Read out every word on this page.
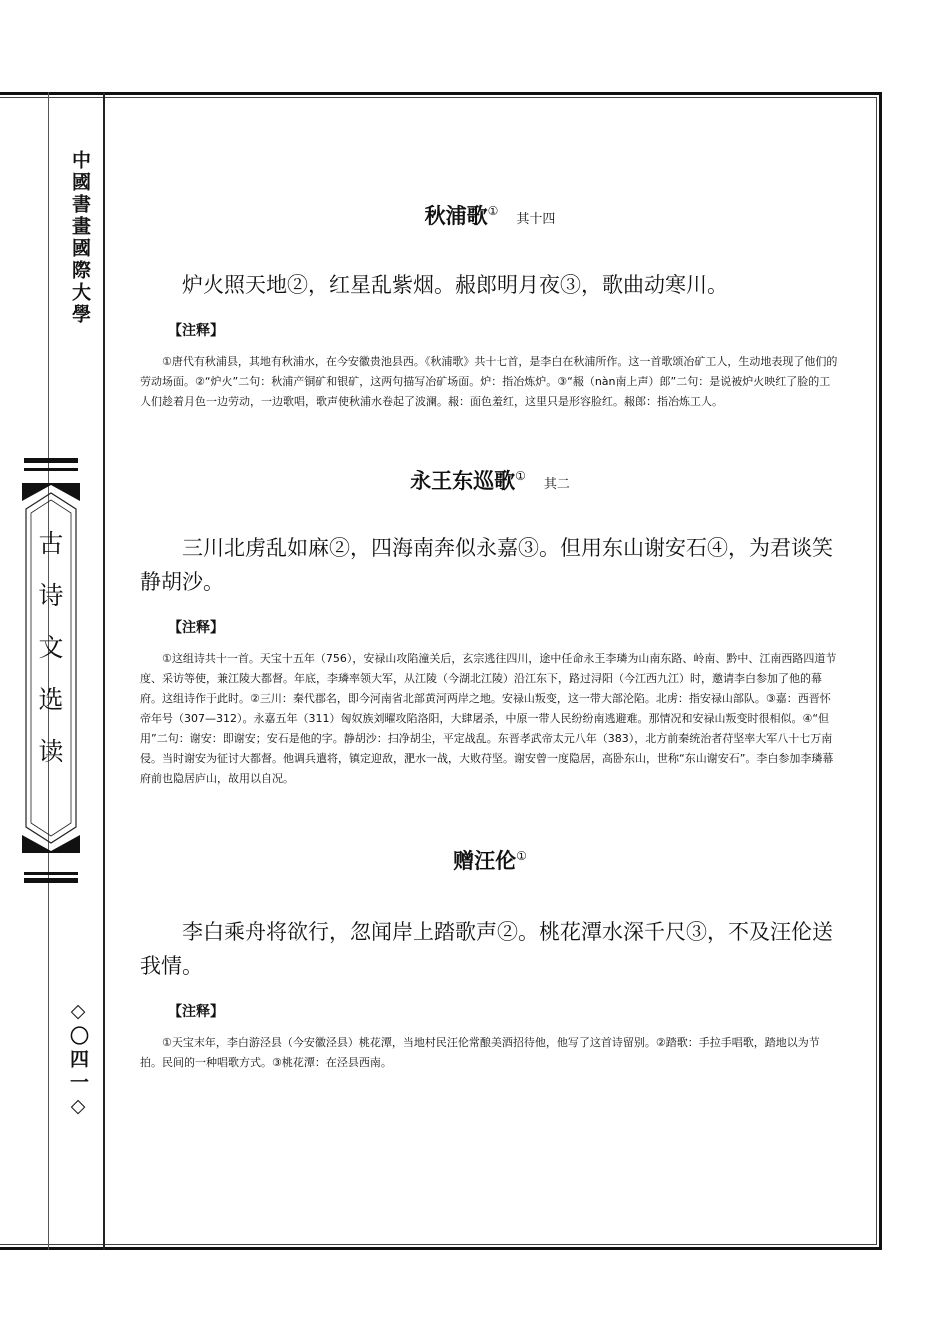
中國書畫國際大學
古诗文选读
◇〇四一◇
秋浦歌①其十四

炉火照天地②，红星乱紫烟。赧郎明月夜③，歌曲动寒川。

【注释】

①唐代有秋浦县，其地有秋浦水，在今安徽贵池县西。《秋浦歌》共十七首，是李白在秋浦所作。这一首歌颂冶矿工人，生动地表现了他们的劳动场面。②“炉火”二句：秋浦产铜矿和银矿，这两句描写冶矿场面。炉：指冶炼炉。③“赧（nàn南上声）郎”二句：是说被炉火映红了脸的工人们趁着月色一边劳动，一边歌唱，歌声使秋浦水卷起了波澜。赧：面色羞红，这里只是形容脸红。赧郎：指冶炼工人。

永王东巡歌①其二

三川北虏乱如麻②，四海南奔似永嘉③。但用东山谢安石④，为君谈笑静胡沙。

【注释】

①这组诗共十一首。天宝十五年（756），安禄山攻陷潼关后，玄宗逃往四川，途中任命永王李璘为山南东路、岭南、黔中、江南西路四道节度、采访等使，兼江陵大都督。年底，李璘率领大军，从江陵（今湖北江陵）沿江东下，路过浔阳（今江西九江）时，邀请李白参加了他的幕府。这组诗作于此时。②三川：秦代郡名，即今河南省北部黄河两岸之地。安禄山叛变，这一带大部沦陷。北虏：指安禄山部队。③嘉：西晋怀帝年号（307—312）。永嘉五年（311）匈奴族刘曜攻陷洛阳，大肆屠杀，中原一带人民纷纷南逃避难。那情况和安禄山叛变时很相似。④“但用”二句：谢安：即谢安；安石是他的字。静胡沙：扫净胡尘，平定战乱。东晋孝武帝太元八年（383），北方前秦统治者苻坚率大军八十七万南侵。当时谢安为征讨大都督。他调兵遣将，镇定迎敌，淝水一战，大败苻坚。谢安曾一度隐居，高卧东山，世称“东山谢安石”。李白参加李璘幕府前也隐居庐山，故用以自况。

赠汪伦①

李白乘舟将欲行，忽闻岸上踏歌声②。桃花潭水深千尺③，不及汪伦送我情。

【注释】

①天宝末年，李白游泾县（今安徽泾县）桃花潭，当地村民汪伦常酿美酒招待他，他写了这首诗留别。②踏歌：手拉手唱歌，踏地以为节拍。民间的一种唱歌方式。③桃花潭：在泾县西南。
